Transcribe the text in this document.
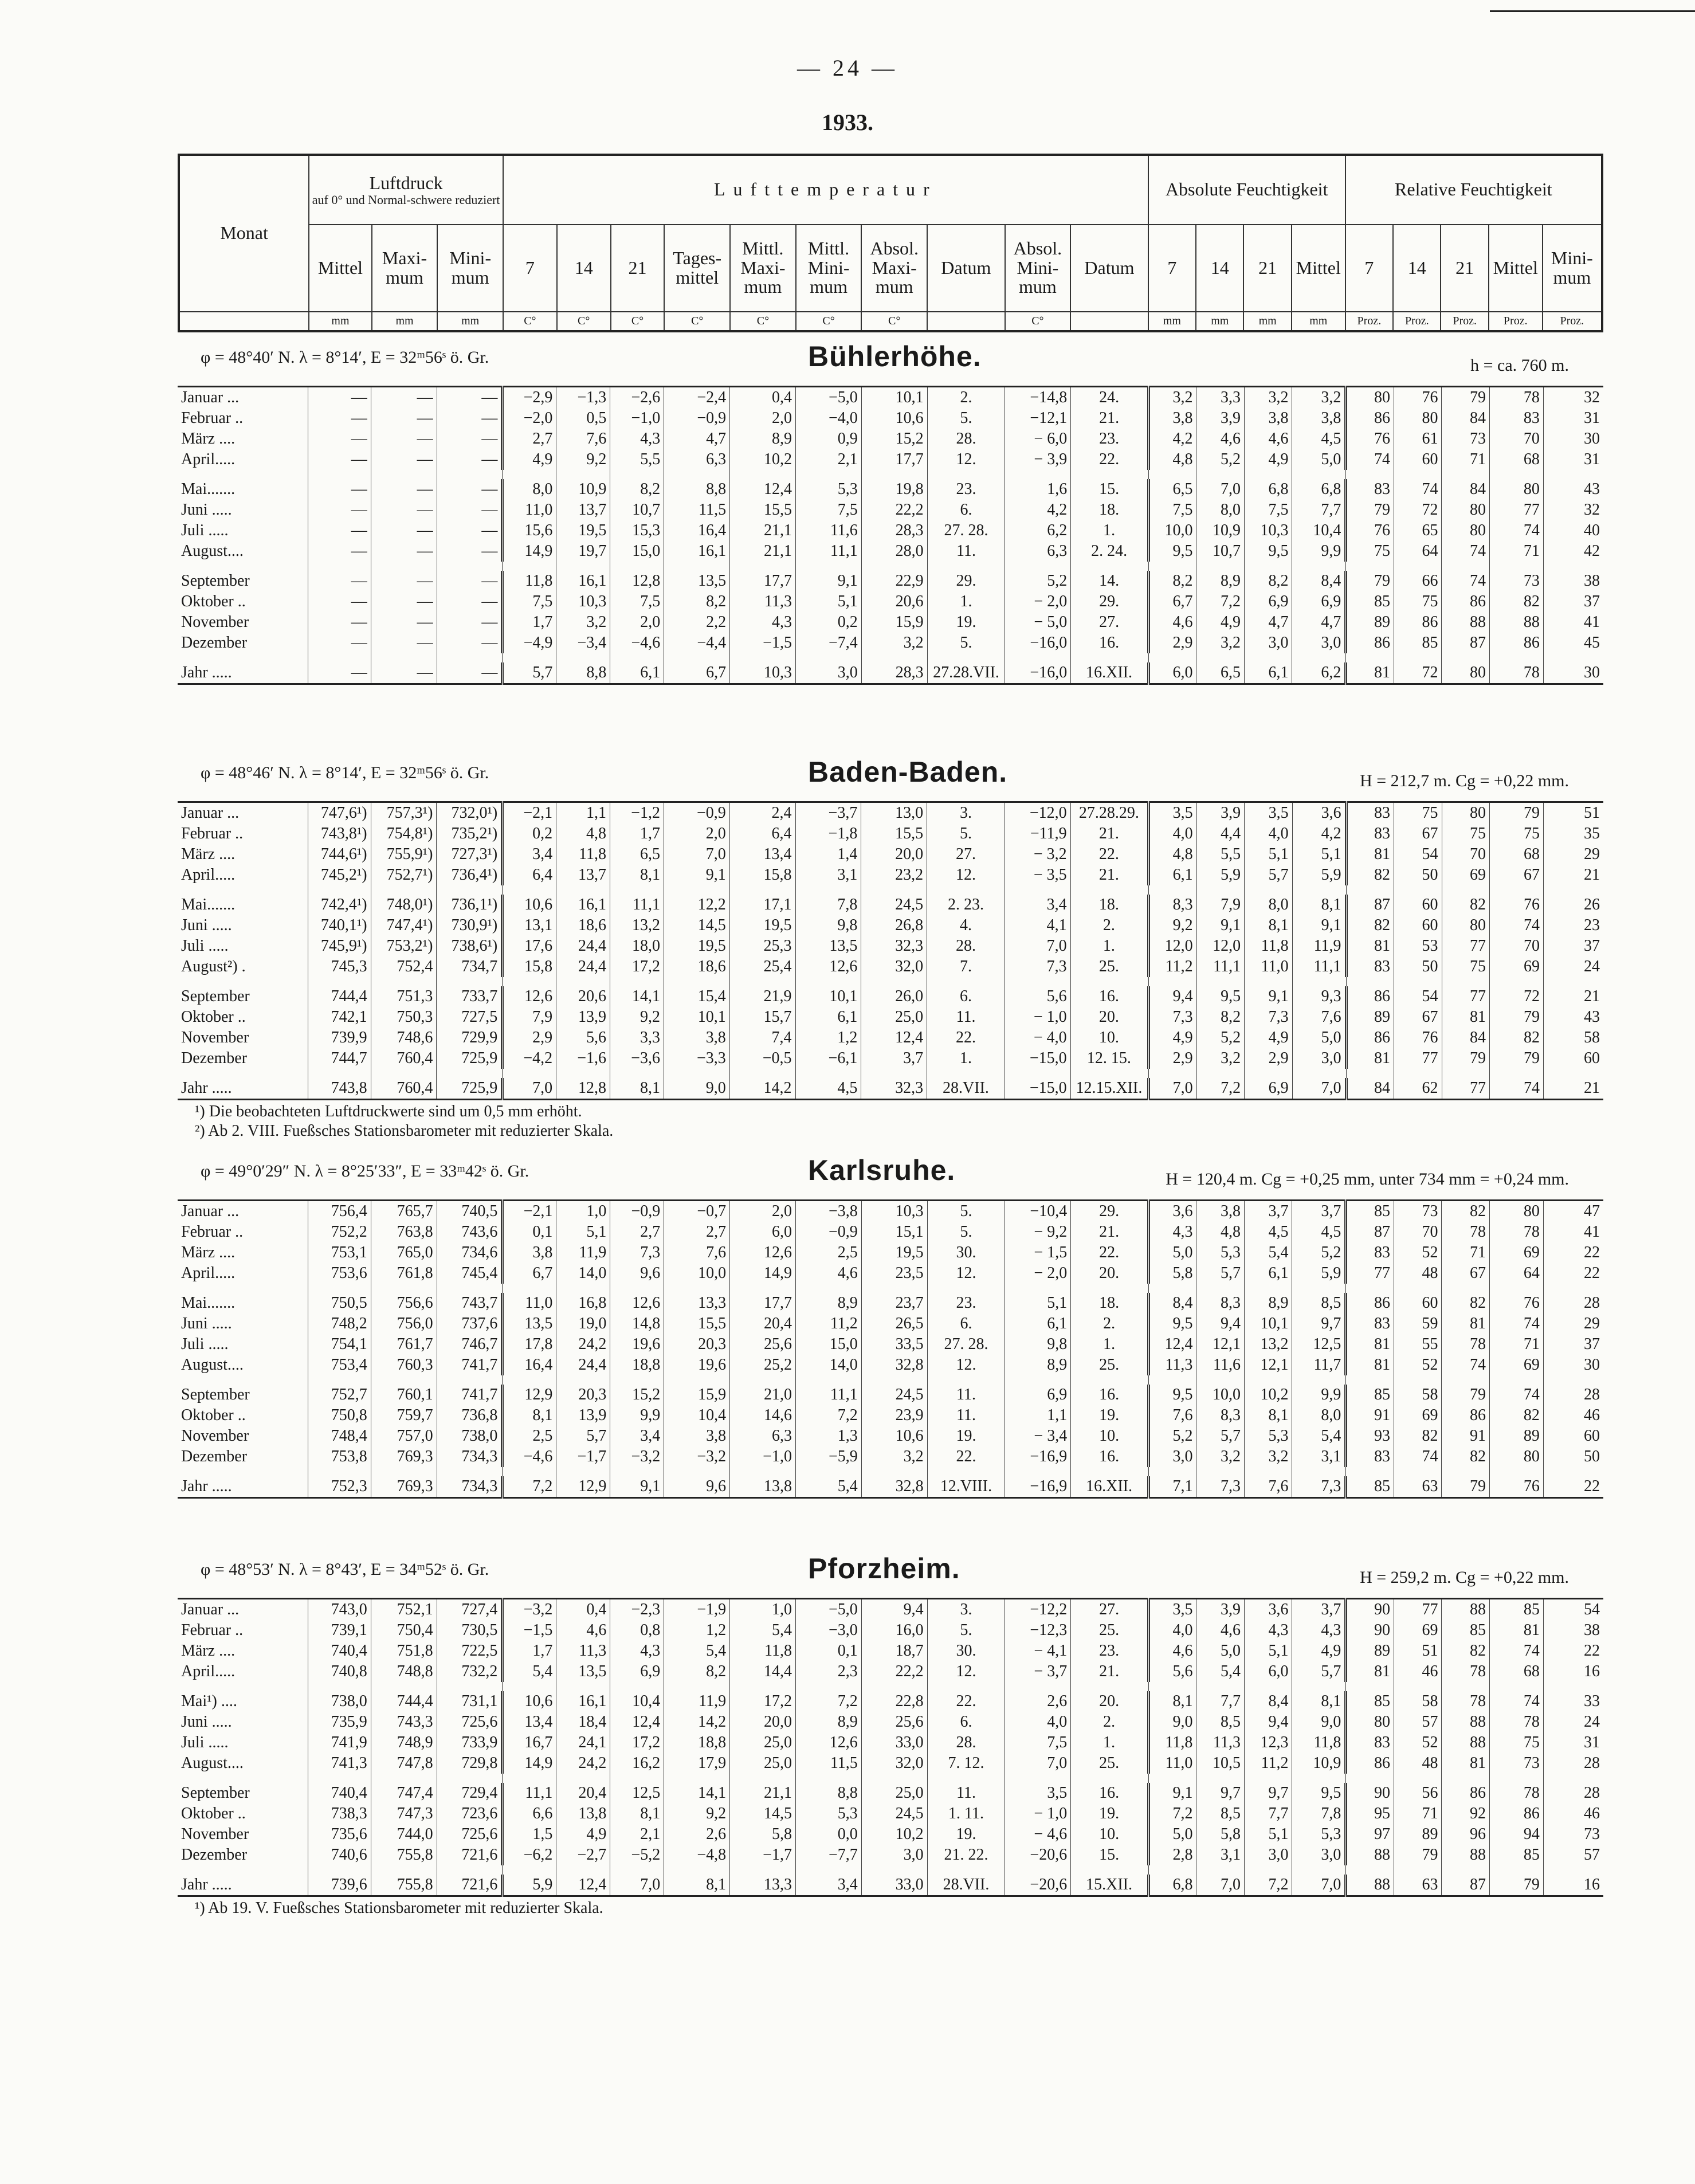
— 24 —
1933.
Monat	Luftdruck
auf 0° und Normal-schwere reduziert			Lufttemperatur										Absolute Feuchtigkeit				Relative Feuchtigkeit				
	Mittel	Maxi-mum	Mini-mum	7	14	21	Tages-mittel	Mittl. Maxi-mum	Mittl. Mini-mum	Absol. Maxi-mum	Datum	Absol. Mini-mum	Datum	7	14	21	Mittel	7	14	21	Mittel	Mini-mum
	mm	mm	mm	C°	C°	C°	C°	C°	C°	C°		C°		mm	mm	mm	mm	Proz.	Proz.	Proz.	Proz.	Proz.
φ = 48°40′ N. λ = 8°14′, E = 32ᵐ56ˢ ö. Gr.	Bühlerhöhe.	h = ca. 760 m.
Januar ...	—	—	—	−2,9	−1,3	−2,6	−2,4	0,4	−5,0	10,1	2.	−14,8	24.	3,2	3,3	3,2	3,2	80	76	79	78	32
Februar ..	—	—	—	−2,0	0,5	−1,0	−0,9	2,0	−4,0	10,6	5.	−12,1	21.	3,8	3,9	3,8	3,8	86	80	84	83	31
März ....	—	—	—	2,7	7,6	4,3	4,7	8,9	0,9	15,2	28.	− 6,0	23.	4,2	4,6	4,6	4,5	76	61	73	70	30
April.....	—	—	—	4,9	9,2	5,5	6,3	10,2	2,1	17,7	12.	− 3,9	22.	4,8	5,2	4,9	5,0	74	60	71	68	31

Mai.......	—	—	—	8,0	10,9	8,2	8,8	12,4	5,3	19,8	23.	1,6	15.	6,5	7,0	6,8	6,8	83	74	84	80	43
Juni .....	—	—	—	11,0	13,7	10,7	11,5	15,5	7,5	22,2	6.	4,2	18.	7,5	8,0	7,5	7,7	79	72	80	77	32
Juli .....	—	—	—	15,6	19,5	15,3	16,4	21,1	11,6	28,3	27. 28.	6,2	1.	10,0	10,9	10,3	10,4	76	65	80	74	40
August....	—	—	—	14,9	19,7	15,0	16,1	21,1	11,1	28,0	11.	6,3	2. 24.	9,5	10,7	9,5	9,9	75	64	74	71	42

September	—	—	—	11,8	16,1	12,8	13,5	17,7	9,1	22,9	29.	5,2	14.	8,2	8,9	8,2	8,4	79	66	74	73	38
Oktober ..	—	—	—	7,5	10,3	7,5	8,2	11,3	5,1	20,6	1.	− 2,0	29.	6,7	7,2	6,9	6,9	85	75	86	82	37
November	—	—	—	1,7	3,2	2,0	2,2	4,3	0,2	15,9	19.	− 5,0	27.	4,6	4,9	4,7	4,7	89	86	88	88	41
Dezember	—	—	—	−4,9	−3,4	−4,6	−4,4	−1,5	−7,4	3,2	5.	−16,0	16.	2,9	3,2	3,0	3,0	86	85	87	86	45

Jahr .....	—	—	—	5,7	8,8	6,1	6,7	10,3	3,0	28,3	27.28.VII.	−16,0	16.XII.	6,0	6,5	6,1	6,2	81	72	80	78	30
φ = 48°46′ N. λ = 8°14′, E = 32ᵐ56ˢ ö. Gr.	Baden-Baden.	H = 212,7 m. Cg = +0,22 mm.
Januar ...	747,6¹)	757,3¹)	732,0¹)	−2,1	1,1	−1,2	−0,9	2,4	−3,7	13,0	3.	−12,0	27.28.29.	3,5	3,9	3,5	3,6	83	75	80	79	51
Februar ..	743,8¹)	754,8¹)	735,2¹)	0,2	4,8	1,7	2,0	6,4	−1,8	15,5	5.	−11,9	21.	4,0	4,4	4,0	4,2	83	67	75	75	35
März ....	744,6¹)	755,9¹)	727,3¹)	3,4	11,8	6,5	7,0	13,4	1,4	20,0	27.	− 3,2	22.	4,8	5,5	5,1	5,1	81	54	70	68	29
April.....	745,2¹)	752,7¹)	736,4¹)	6,4	13,7	8,1	9,1	15,8	3,1	23,2	12.	− 3,5	21.	6,1	5,9	5,7	5,9	82	50	69	67	21

Mai.......	742,4¹)	748,0¹)	736,1¹)	10,6	16,1	11,1	12,2	17,1	7,8	24,5	2. 23.	3,4	18.	8,3	7,9	8,0	8,1	87	60	82	76	26
Juni .....	740,1¹)	747,4¹)	730,9¹)	13,1	18,6	13,2	14,5	19,5	9,8	26,8	4.	4,1	2.	9,2	9,1	8,1	9,1	82	60	80	74	23
Juli .....	745,9¹)	753,2¹)	738,6¹)	17,6	24,4	18,0	19,5	25,3	13,5	32,3	28.	7,0	1.	12,0	12,0	11,8	11,9	81	53	77	70	37
August²) .	745,3	752,4	734,7	15,8	24,4	17,2	18,6	25,4	12,6	32,0	7.	7,3	25.	11,2	11,1	11,0	11,1	83	50	75	69	24

September	744,4	751,3	733,7	12,6	20,6	14,1	15,4	21,9	10,1	26,0	6.	5,6	16.	9,4	9,5	9,1	9,3	86	54	77	72	21
Oktober ..	742,1	750,3	727,5	7,9	13,9	9,2	10,1	15,7	6,1	25,0	11.	− 1,0	20.	7,3	8,2	7,3	7,6	89	67	81	79	43
November	739,9	748,6	729,9	2,9	5,6	3,3	3,8	7,4	1,2	12,4	22.	− 4,0	10.	4,9	5,2	4,9	5,0	86	76	84	82	58
Dezember	744,7	760,4	725,9	−4,2	−1,6	−3,6	−3,3	−0,5	−6,1	3,7	1.	−15,0	12. 15.	2,9	3,2	2,9	3,0	81	77	79	79	60

Jahr .....	743,8	760,4	725,9	7,0	12,8	8,1	9,0	14,2	4,5	32,3	28.VII.	−15,0	12.15.XII.	7,0	7,2	6,9	7,0	84	62	77	74	21
¹) Die beobachteten Luftdruckwerte sind um 0,5 mm erhöht.
²) Ab 2. VIII. Fueßsches Stationsbarometer mit reduzierter Skala.
φ = 49°0′29″ N. λ = 8°25′33″, E = 33ᵐ42ˢ ö. Gr.	Karlsruhe.	H = 120,4 m. Cg = +0,25 mm, unter 734 mm = +0,24 mm.
Januar ...	756,4	765,7	740,5	−2,1	1,0	−0,9	−0,7	2,0	−3,8	10,3	5.	−10,4	29.	3,6	3,8	3,7	3,7	85	73	82	80	47
Februar ..	752,2	763,8	743,6	0,1	5,1	2,7	2,7	6,0	−0,9	15,1	5.	− 9,2	21.	4,3	4,8	4,5	4,5	87	70	78	78	41
März ....	753,1	765,0	734,6	3,8	11,9	7,3	7,6	12,6	2,5	19,5	30.	− 1,5	22.	5,0	5,3	5,4	5,2	83	52	71	69	22
April.....	753,6	761,8	745,4	6,7	14,0	9,6	10,0	14,9	4,6	23,5	12.	− 2,0	20.	5,8	5,7	6,1	5,9	77	48	67	64	22

Mai.......	750,5	756,6	743,7	11,0	16,8	12,6	13,3	17,7	8,9	23,7	23.	5,1	18.	8,4	8,3	8,9	8,5	86	60	82	76	28
Juni .....	748,2	756,0	737,6	13,5	19,0	14,8	15,5	20,4	11,2	26,5	6.	6,1	2.	9,5	9,4	10,1	9,7	83	59	81	74	29
Juli .....	754,1	761,7	746,7	17,8	24,2	19,6	20,3	25,6	15,0	33,5	27. 28.	9,8	1.	12,4	12,1	13,2	12,5	81	55	78	71	37
August....	753,4	760,3	741,7	16,4	24,4	18,8	19,6	25,2	14,0	32,8	12.	8,9	25.	11,3	11,6	12,1	11,7	81	52	74	69	30

September	752,7	760,1	741,7	12,9	20,3	15,2	15,9	21,0	11,1	24,5	11.	6,9	16.	9,5	10,0	10,2	9,9	85	58	79	74	28
Oktober ..	750,8	759,7	736,8	8,1	13,9	9,9	10,4	14,6	7,2	23,9	11.	1,1	19.	7,6	8,3	8,1	8,0	91	69	86	82	46
November	748,4	757,0	738,0	2,5	5,7	3,4	3,8	6,3	1,3	10,6	19.	− 3,4	10.	5,2	5,7	5,3	5,4	93	82	91	89	60
Dezember	753,8	769,3	734,3	−4,6	−1,7	−3,2	−3,2	−1,0	−5,9	3,2	22.	−16,9	16.	3,0	3,2	3,2	3,1	83	74	82	80	50

Jahr .....	752,3	769,3	734,3	7,2	12,9	9,1	9,6	13,8	5,4	32,8	12.VIII.	−16,9	16.XII.	7,1	7,3	7,6	7,3	85	63	79	76	22
φ = 48°53′ N. λ = 8°43′, E = 34ᵐ52ˢ ö. Gr.	Pforzheim.	H = 259,2 m. Cg = +0,22 mm.
Januar ...	743,0	752,1	727,4	−3,2	0,4	−2,3	−1,9	1,0	−5,0	9,4	3.	−12,2	27.	3,5	3,9	3,6	3,7	90	77	88	85	54
Februar ..	739,1	750,4	730,5	−1,5	4,6	0,8	1,2	5,4	−3,0	16,0	5.	−12,3	25.	4,0	4,6	4,3	4,3	90	69	85	81	38
März ....	740,4	751,8	722,5	1,7	11,3	4,3	5,4	11,8	0,1	18,7	30.	− 4,1	23.	4,6	5,0	5,1	4,9	89	51	82	74	22
April.....	740,8	748,8	732,2	5,4	13,5	6,9	8,2	14,4	2,3	22,2	12.	− 3,7	21.	5,6	5,4	6,0	5,7	81	46	78	68	16

Mai¹) ....	738,0	744,4	731,1	10,6	16,1	10,4	11,9	17,2	7,2	22,8	22.	2,6	20.	8,1	7,7	8,4	8,1	85	58	78	74	33
Juni .....	735,9	743,3	725,6	13,4	18,4	12,4	14,2	20,0	8,9	25,6	6.	4,0	2.	9,0	8,5	9,4	9,0	80	57	88	78	24
Juli .....	741,9	748,9	733,9	16,7	24,1	17,2	18,8	25,0	12,6	33,0	28.	7,5	1.	11,8	11,3	12,3	11,8	83	52	88	75	31
August....	741,3	747,8	729,8	14,9	24,2	16,2	17,9	25,0	11,5	32,0	7. 12.	7,0	25.	11,0	10,5	11,2	10,9	86	48	81	73	28

September	740,4	747,4	729,4	11,1	20,4	12,5	14,1	21,1	8,8	25,0	11.	3,5	16.	9,1	9,7	9,7	9,5	90	56	86	78	28
Oktober ..	738,3	747,3	723,6	6,6	13,8	8,1	9,2	14,5	5,3	24,5	1. 11.	− 1,0	19.	7,2	8,5	7,7	7,8	95	71	92	86	46
November	735,6	744,0	725,6	1,5	4,9	2,1	2,6	5,8	0,0	10,2	19.	− 4,6	10.	5,0	5,8	5,1	5,3	97	89	96	94	73
Dezember	740,6	755,8	721,6	−6,2	−2,7	−5,2	−4,8	−1,7	−7,7	3,0	21. 22.	−20,6	15.	2,8	3,1	3,0	3,0	88	79	88	85	57

Jahr .....	739,6	755,8	721,6	5,9	12,4	7,0	8,1	13,3	3,4	33,0	28.VII.	−20,6	15.XII.	6,8	7,0	7,2	7,0	88	63	87	79	16
¹) Ab 19. V. Fueßsches Stationsbarometer mit reduzierter Skala.
